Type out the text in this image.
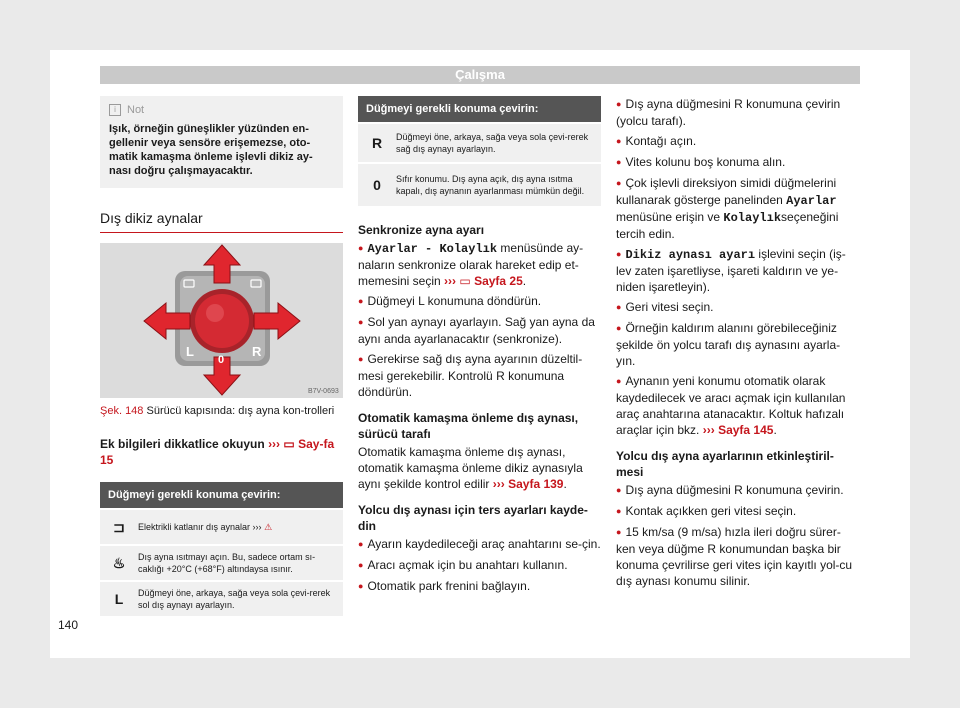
Çalışma
i	Not
Işık, örneğin güneşlikler yüzünden en-gellenir veya sensöre erişemezse, oto-matik kamaşma önleme işlevli dikiz ay-nası doğru çalışmayacaktır.
Dış dikiz aynalar
L
0
R
B7V-0693
Şek. 148 Sürücü kapısında: dış ayna kon-trolleri
Ek bilgileri dikkatlice okuyun ››› ▭ Say-fa 15
Düğmeyi gerekli konuma çevirin:
⊐	Elektrikli katlanır dış aynalar ››› ⚠
♨	Dış ayna ısıtmayı açın. Bu, sadece ortam sı-caklığı +20°C (+68°F) altındaysa ısınır.
L	Düğmeyi öne, arkaya, sağa veya sola çevi-rerek sol dış aynayı ayarlayın.
Düğmeyi gerekli konuma çevirin:
R	Düğmeyi öne, arkaya, sağa veya sola çevi-rerek sağ dış aynayı ayarlayın.
0	Sıfır konumu. Dış ayna açık, dış ayna ısıtma kapalı, dış aynanın ayarlanması mümkün değil.
Senkronize ayna ayarı
● Ayarlar - Kolaylık menüsünde ay-naların senkronize olarak hareket edip et-memesini seçin ››› ▭ Sayfa 25.
● Düğmeyi L konumuna döndürün.
● Sol yan aynayı ayarlayın. Sağ yan ayna da aynı anda ayarlanacaktır (senkronize).
● Gerekirse sağ dış ayna ayarının düzeltil-mesi gerekebilir. Kontrolü R konumuna döndürün.
Otomatik kamaşma önleme dış aynası, sürücü tarafı
Otomatik kamaşma önleme dış aynası, otomatik kamaşma önleme dikiz aynasıyla aynı şekilde kontrol edilir ››› Sayfa 139.
Yolcu dış aynası için ters ayarları kayde-din
● Ayarın kaydedileceği araç anahtarını se-çin.
● Aracı açmak için bu anahtarı kullanın.
● Otomatik park frenini bağlayın.
● Dış ayna düğmesini R konumuna çevirin (yolcu tarafı).
● Kontağı açın.
● Vites kolunu boş konuma alın.
● Çok işlevli direksiyon simidi düğmelerini kullanarak gösterge panelinden Ayarlar menüsüne erişin ve Kolaylıkseçeneğini tercih edin.
● Dikiz aynası ayarı işlevini seçin (iş-lev zaten işaretliyse, işareti kaldırın ve ye-niden işaretleyin).
● Geri vitesi seçin.
● Örneğin kaldırım alanını görebileceğiniz şekilde ön yolcu tarafı dış aynasını ayarla-yın.
● Aynanın yeni konumu otomatik olarak kaydedilecek ve aracı açmak için kullanılan araç anahtarına atanacaktır. Koltuk hafızalı araçlar için bkz. ››› Sayfa 145.
Yolcu dış ayna ayarlarının etkinleştiril-mesi
● Dış ayna düğmesini R konumuna çevirin.
● Kontak açıkken geri vitesi seçin.
● 15 km/sa (9 m/sa) hızla ileri doğru sürer-ken veya düğme R konumundan başka bir konuma çevrilirse geri vites için kayıtlı yol-cu dış aynası konumu silinir.
140
